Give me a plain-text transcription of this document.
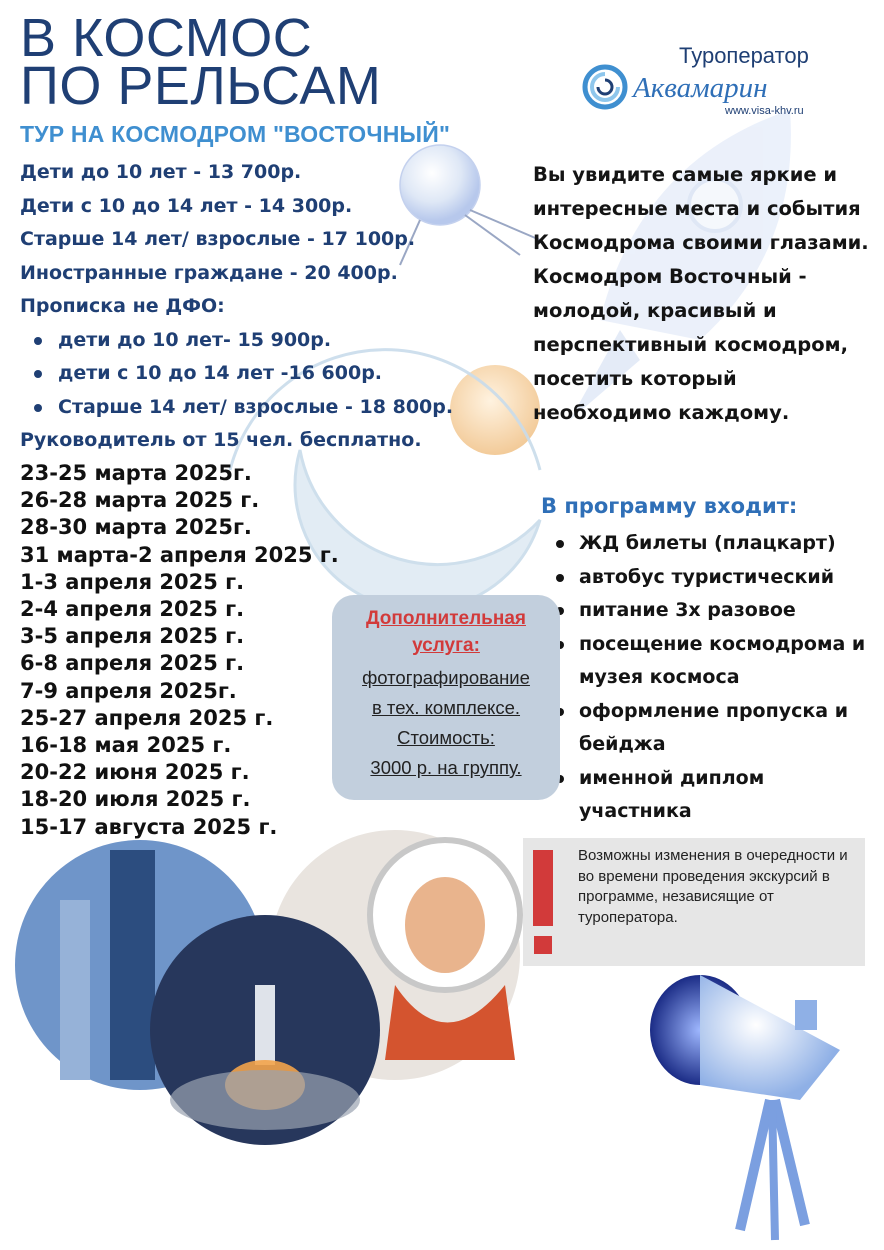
В КОСМОС
ПО РЕЛЬСАМ
ТУР НА КОСМОДРОМ "ВОСТОЧНЫЙ"
Туроператор
Аквамарин
www.visa-khv.ru
Дети до 10 лет - 13 700р.
Дети с 10 до 14 лет - 14 300р.
Старше 14 лет/ взрослые - 17 100р.
Иностранные граждане - 20 400р.
Прописка не ДФО:
дети до 10 лет- 15 900р.
дети с 10 до 14 лет -16 600р.
Старше 14 лет/ взрослые - 18 800р.
Руководитель от 15 чел. бесплатно.
23-25 марта 2025г.
26-28 марта 2025 г.
28-30 марта 2025г.
31 марта-2 апреля 2025 г.
1-3 апреля 2025 г.
2-4 апреля 2025 г.
3-5 апреля 2025 г.
6-8 апреля 2025 г.
7-9 апреля 2025г.
25-27 апреля 2025 г.
16-18 мая 2025 г.
20-22 июня 2025 г.
18-20 июля 2025 г.
15-17 августа 2025 г.

Вы увидите самые яркие и интересные места и события Космодрома своими глазами. Космодром Восточный - молодой, красивый и перспективный космодром, посетить который необходимо каждому.

В программу входит:
ЖД билеты (плацкарт)
автобус туристический
питание 3х разовое
посещение космодрома и музея космоса
оформление пропуска и бейджа
именной диплом участника

Дополнительная
услуга:

фотографирование
в тех. комплексе.
Стоимость:
3000 р. на группу.

Возможны изменения в очередности и во времени проведения экскурсий в программе, независящие от туроператора.
